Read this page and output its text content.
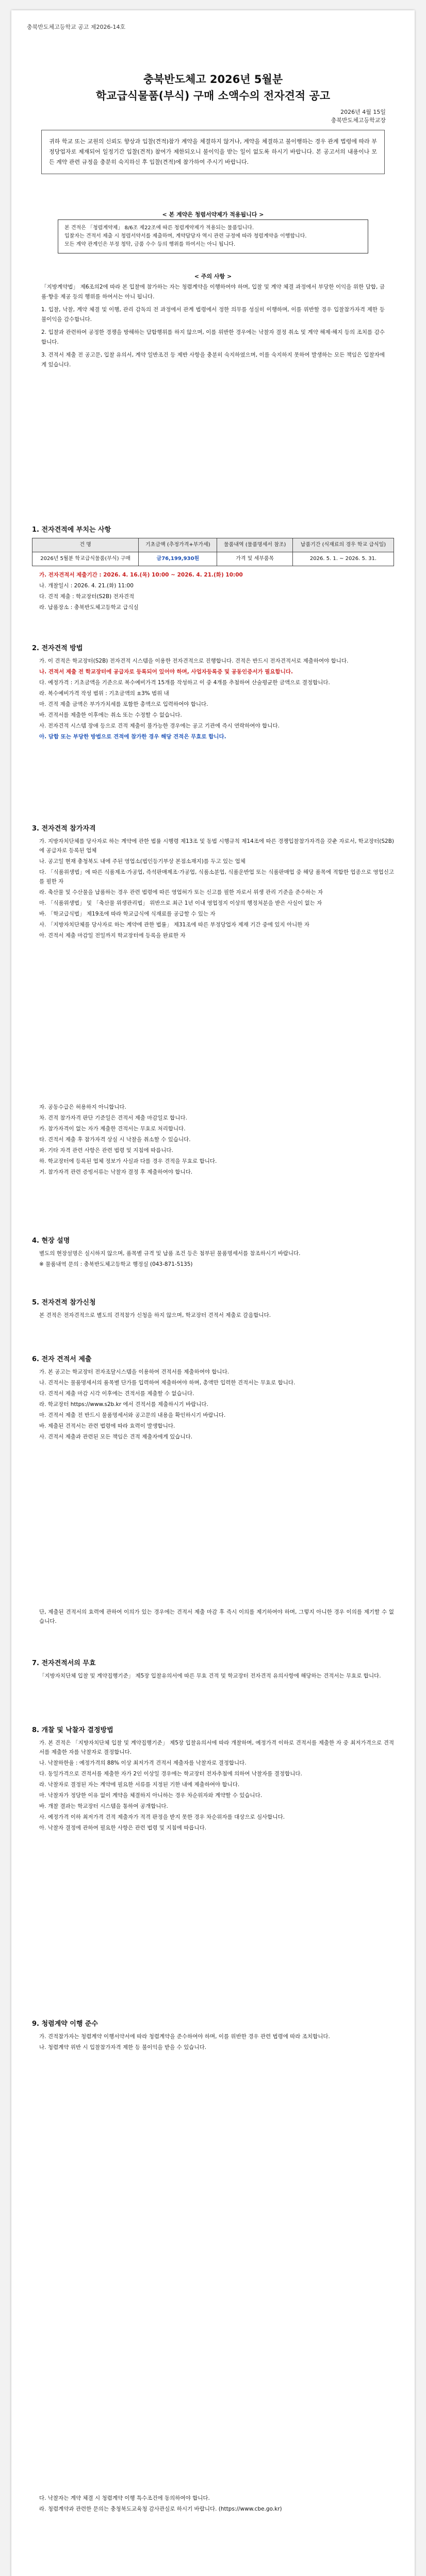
충북반도체고등학교 공고 제2026-14호
충북반도체고 2026년 5월분
학교급식물품(부식) 구매 소액수의 전자견적 공고
2026년 4월 15일
충북반도체고등학교장
귀하 학교 또는 교원의 신뢰도 향상과 입찰(견적)참가 계약을 체결하지 않거나, 계약을 체결하고 불이행하는 경우 관계 법령에 따라 부정당업자로 제재되어 일정기간 입찰(견적) 참여가 제한되오니 불이익을 받는 일이 없도록 하시기 바랍니다. 본 공고서의 내용이나 모든 계약 관련 규정을 충분히 숙지하신 후 입찰(견적)에 참가하여 주시기 바랍니다.
< 본 계약은 청렴서약제가 적용됩니다 >
본 견적은 「청렴계약제」 8/6조 제22조에 따른 청렴계약제가 적용되는 물품입니다.
입찰자는 견적서 제출 시 청렴서약서를 제출하며, 계약담당자 역시 관련 규정에 따라 청렴계약을 이행합니다.
모든 계약 관계인은 부정 청탁, 금품 수수 등의 행위를 하여서는 아니 됩니다.
< 주의 사항 >

「지방계약법」 제6조의2에 따라 본 입찰에 참가하는 자는 청렴계약을 이행하여야 하며, 입찰 및 계약 체결 과정에서 부당한 이익을 위한 담합, 금품·향응 제공 등의 행위를 하여서는 아니 됩니다.

1. 입찰, 낙찰, 계약 체결 및 이행, 관리 감독의 전 과정에서 관계 법령에서 정한 의무를 성실히 이행하며, 이를 위반할 경우 입찰참가자격 제한 등 불이익을 감수합니다.

2. 입찰과 관련하여 공정한 경쟁을 방해하는 담합행위를 하지 않으며, 이를 위반한 경우에는 낙찰자 결정 취소 및 계약 해제·해지 등의 조치를 감수합니다.

3. 견적서 제출 전 공고문, 입찰 유의서, 계약 일반조건 등 제반 사항을 충분히 숙지하였으며, 이를 숙지하지 못하여 발생하는 모든 책임은 입찰자에게 있습니다.

1. 전자견적에 부치는 사항
건 명	기초금액 (추정가격+부가세)	물품내역 (물품명세서 참조)	납품기간 (식재료의 경우 학교 급식일)
2026년 5월분 학교급식물품(부식) 구매	금76,199,930원	가격 및 세부품목	2026. 5. 1. ~ 2026. 5. 31.

가. 전자견적서 제출기간 : 2026. 4. 16.(목) 10:00 ~ 2026. 4. 21.(화) 10:00

나. 개찰일시 : 2026. 4. 21.(화) 11:00

다. 견적 제출 : 학교장터(S2B) 전자견적

라. 납품장소 : 충북반도체고등학교 급식실

2. 전자견적 방법

가. 이 견적은 학교장터(S2B) 전자견적 시스템을 이용한 전자견적으로 진행합니다. 견적은 반드시 전자견적서로 제출하여야 합니다.

나. 견적서 제출 전 학교장터에 공급자로 등록되어 있어야 하며, 사업자등록증 및 공동인증서가 필요합니다.

다. 예정가격 : 기초금액을 기준으로 복수예비가격 15개를 작성하고 이 중 4개를 추첨하여 산술평균한 금액으로 결정합니다.

라. 복수예비가격 작성 범위 : 기초금액의 ±3% 범위 내

마. 견적 제출 금액은 부가가치세를 포함한 총액으로 입력하여야 합니다.

바. 견적서를 제출한 이후에는 취소 또는 수정할 수 없습니다.

사. 전자견적 시스템 장애 등으로 견적 제출이 불가능한 경우에는 공고 기관에 즉시 연락하여야 합니다.

아. 담합 또는 부당한 방법으로 견적에 참가한 경우 해당 견적은 무효로 합니다.

3. 전자견적 참가자격

가. 지방자치단체를 당사자로 하는 계약에 관한 법률 시행령 제13조 및 동법 시행규칙 제14조에 따른 경쟁입찰참가자격을 갖춘 자로서, 학교장터(S2B)에 공급자로 등록된 업체

나. 공고일 현재 충청북도 내에 주된 영업소(법인등기부상 본점소재지)를 두고 있는 업체

다. 「식품위생법」에 따른 식품제조·가공업, 즉석판매제조·가공업, 식품소분업, 식품운반업 또는 식품판매업 중 해당 품목에 적합한 업종으로 영업신고를 필한 자

라. 축산물 및 수산물을 납품하는 경우 관련 법령에 따른 영업허가 또는 신고를 필한 자로서 위생 관리 기준을 준수하는 자

마. 「식품위생법」 및 「축산물 위생관리법」 위반으로 최근 1년 이내 영업정지 이상의 행정처분을 받은 사실이 없는 자

바. 「학교급식법」 제19조에 따라 학교급식에 식재료를 공급할 수 있는 자

사. 「지방자치단체를 당사자로 하는 계약에 관한 법률」 제31조에 따른 부정당업자 제재 기간 중에 있지 아니한 자

아. 견적서 제출 마감일 전일까지 학교장터에 등록을 완료한 자

자. 공동수급은 허용하지 아니합니다.

차. 견적 참가자격 판단 기준일은 견적서 제출 마감일로 합니다.

카. 참가자격이 없는 자가 제출한 견적서는 무효로 처리합니다.

타. 견적서 제출 후 참가자격 상실 시 낙찰을 취소할 수 있습니다.

파. 기타 자격 관련 사항은 관련 법령 및 지침에 따릅니다.

하. 학교장터에 등록된 업체 정보가 사실과 다를 경우 견적을 무효로 합니다.

거. 참가자격 관련 증빙서류는 낙찰자 결정 후 제출하여야 합니다.

4. 현장 설명

별도의 현장설명은 실시하지 않으며, 품목별 규격 및 납품 조건 등은 첨부된 물품명세서를 참조하시기 바랍니다.

※ 물품내역 문의 : 충북반도체고등학교 행정실 (043-871-5135)

5. 전자견적 참가신청

본 견적은 전자견적으로 별도의 견적참가 신청을 하지 않으며, 학교장터 견적서 제출로 갈음합니다.

6. 전자 견적서 제출

가. 본 공고는 학교장터 전자조달시스템을 이용하여 견적서를 제출하여야 합니다.

나. 견적서는 물품명세서의 품목별 단가를 입력하여 제출하여야 하며, 총액만 입력한 견적서는 무효로 합니다.

다. 견적서 제출 마감 시각 이후에는 견적서를 제출할 수 없습니다.

라. 학교장터 https://www.s2b.kr 에서 견적서를 제출하시기 바랍니다.

마. 견적서 제출 전 반드시 물품명세서와 공고문의 내용을 확인하시기 바랍니다.

바. 제출된 견적서는 관련 법령에 따라 효력이 발생합니다.

사. 견적서 제출과 관련된 모든 책임은 견적 제출자에게 있습니다.

단, 제출된 견적서의 효력에 관하여 이의가 있는 경우에는 견적서 제출 마감 후 즉시 이의를 제기하여야 하며, 그렇지 아니한 경우 이의를 제기할 수 없습니다.

7. 전자견적서의 무효

「지방자치단체 입찰 및 계약집행기준」 제5장 입찰유의서에 따른 무효 견적 및 학교장터 전자견적 유의사항에 해당하는 견적서는 무효로 합니다.

8. 개찰 및 낙찰자 결정방법

가. 본 견적은 「지방자치단체 입찰 및 계약집행기준」 제5장 입찰유의서에 따라 개찰하며, 예정가격 이하로 견적서를 제출한 자 중 최저가격으로 견적서를 제출한 자를 낙찰자로 결정합니다.

나. 낙찰하한율 : 예정가격의 88% 이상 최저가격 견적서 제출자를 낙찰자로 결정합니다.

다. 동일가격으로 견적서를 제출한 자가 2인 이상일 경우에는 학교장터 전자추첨에 의하여 낙찰자를 결정합니다.

라. 낙찰자로 결정된 자는 계약에 필요한 서류를 지정된 기한 내에 제출하여야 합니다.

마. 낙찰자가 정당한 이유 없이 계약을 체결하지 아니하는 경우 차순위자와 계약할 수 있습니다.

바. 개찰 결과는 학교장터 시스템을 통하여 공개합니다.

사. 예정가격 이하 최저가격 견적 제출자가 적격 판정을 받지 못한 경우 차순위자를 대상으로 심사합니다.

아. 낙찰자 결정에 관하여 필요한 사항은 관련 법령 및 지침에 따릅니다.

9. 청렴계약 이행 준수

가. 견적참가자는 청렴계약 이행서약서에 따라 청렴계약을 준수하여야 하며, 이를 위반한 경우 관련 법령에 따라 조치합니다.

나. 청렴계약 위반 시 입찰참가자격 제한 등 불이익을 받을 수 있습니다.

다. 낙찰자는 계약 체결 시 청렴계약 이행 특수조건에 동의하여야 합니다.

라. 청렴계약과 관련한 문의는 충청북도교육청 감사관실로 하시기 바랍니다. (https://www.cbe.go.kr)
